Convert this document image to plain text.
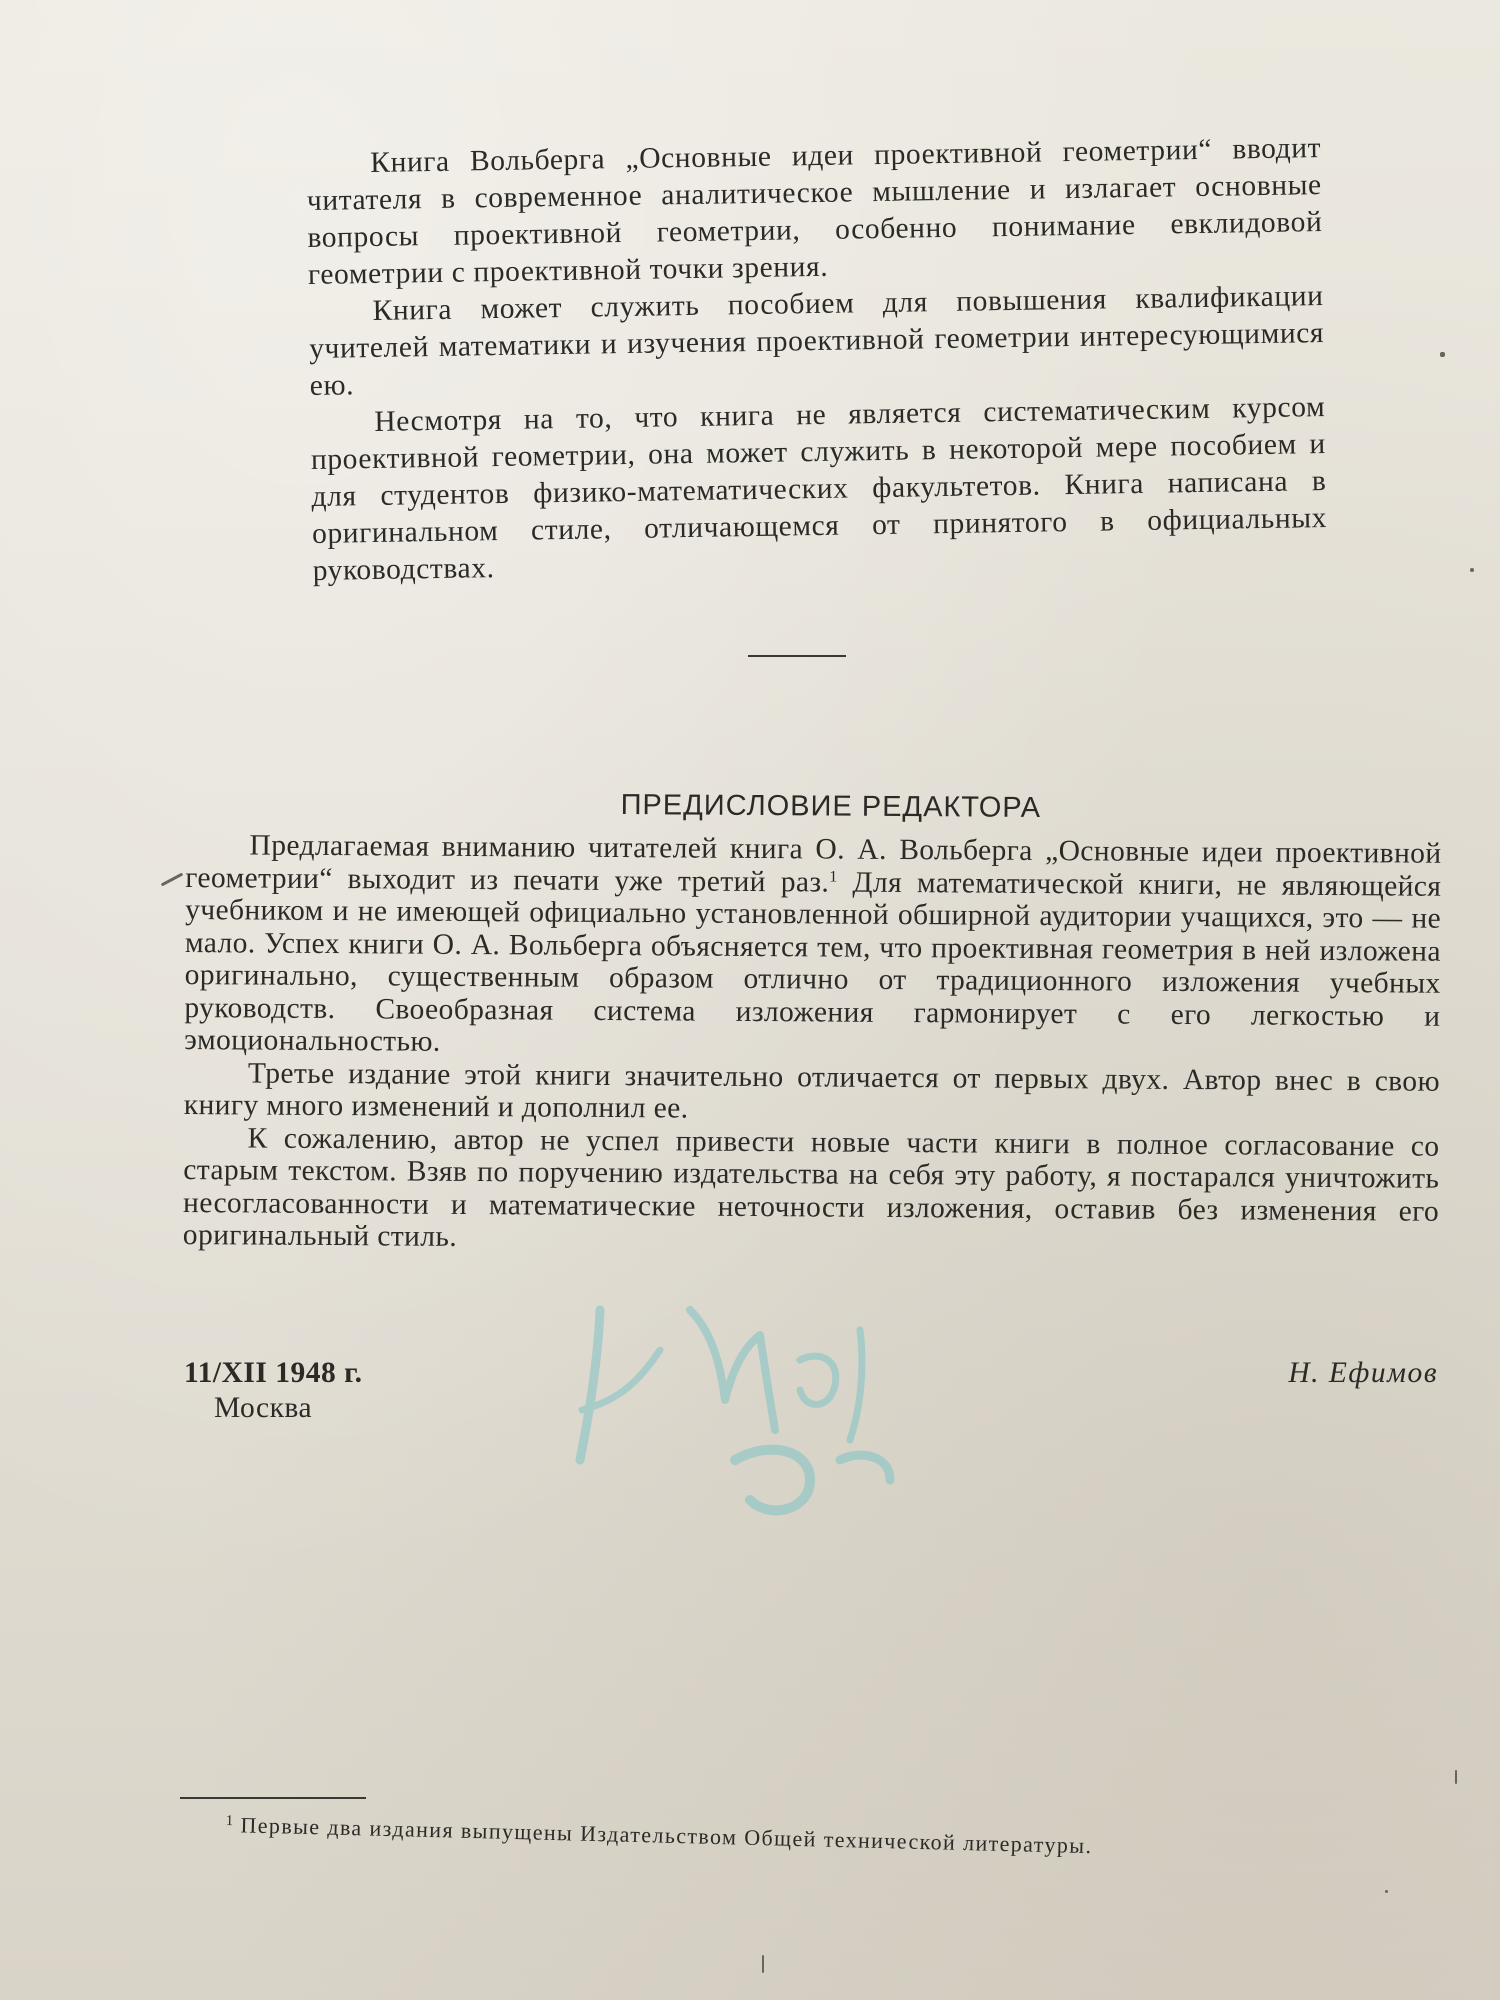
Книга Вольберга „Основные идеи проективной геометрии“ вводит читателя в современное аналитическое мышление и излагает основные вопросы проективной геометрии, особенно понимание евклидовой геометрии с проективной точки зрения.

Книга может служить пособием для повышения квалификации учителей математики и изучения проективной геометрии интересующимися ею.

Несмотря на то, что книга не является систематическим курсом проективной геометрии, она может служить в некоторой мере пособием и для студентов физико-математических факультетов. Книга написана в оригинальном стиле, отличающемся от принятого в официальных руководствах.

ПРЕДИСЛОВИЕ РЕДАКТОРА

Предлагаемая вниманию читателей книга О. А. Вольберга „Основные идеи проективной геометрии“ выходит из печати уже третий раз.$^1$ Для математической книги, не являющейся учебником и не имеющей официально установленной обширной аудитории учащихся, это — не мало. Успех книги О. А. Вольберга объясняется тем, что проективная геометрия в ней изложена оригинально, существенным образом отлично от традиционного изложения учебных руководств. Своеобразная система изложения гармонирует с его легкостью и эмоциональностью.

Третье издание этой книги значительно отличается от первых двух. Автор внес в свою книгу много изменений и дополнил ее.

К сожалению, автор не успел привести новые части книги в полное согласование со старым текстом. Взяв по поручению издательства на себя эту работу, я постарался уничтожить несогласованности и математические неточности изложения, оставив без изменения его оригинальный стиль.

11/XII 1948 г.
Москва
Н. Ефимов
$^1$ Первые два издания выпущены Издательством Общей технической литературы.
